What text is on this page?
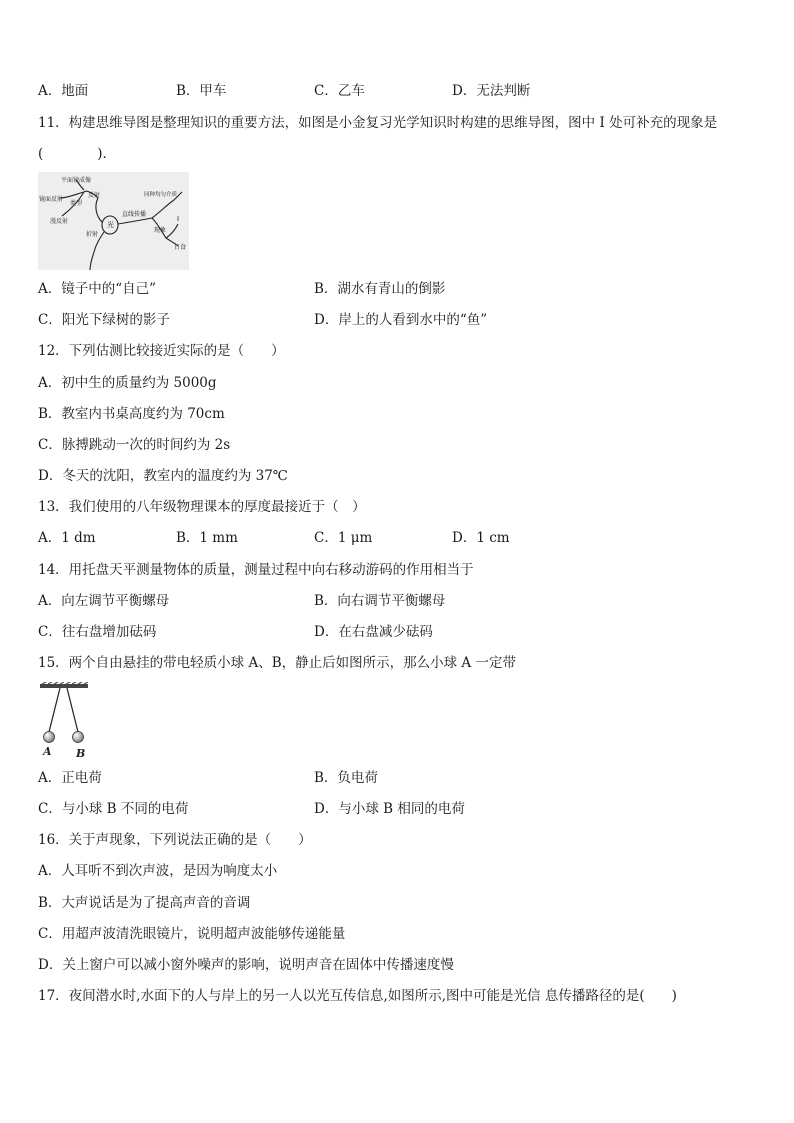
A．地面	B．甲车	C．乙车	D．无法判断
11．构建思维导图是整理知识的重要方法，如图是小金复习光学知识时构建的思维导图，图中 I 处可补充的现象是
(　　　　)．
平面镜成像
镜面反射
类型
反射
漫反射	光
折射
直线传播
同种均匀介质
现象
I
日食
A．镜子中的“自己”	B．湖水有青山的倒影
C．阳光下绿树的影子	D．岸上的人看到水中的“鱼”
12．下列估测比较接近实际的是（　　）
A．初中生的质量约为 5000g
B．教室内书桌高度约为 70cm
C．脉搏跳动一次的时间约为 2s
D．冬天的沈阳，教室内的温度约为 37℃
13．我们使用的八年级物理课本的厚度最接近于（　）
A．1 dm	B．1 mm	C．1 μm	D．1 cm
14．用托盘天平测量物体的质量，测量过程中向右移动游码的作用相当于
A．向左调节平衡螺母	B．向右调节平衡螺母
C．往右盘增加砝码	D．在右盘减少砝码
15．两个自由悬挂的带电轻质小球 A、B，静止后如图所示，那么小球 A 一定带
A B
A．正电荷	B．负电荷
C．与小球 B 不同的电荷	D．与小球 B 相同的电荷
16．关于声现象，下列说法正确的是（　　）
A．人耳听不到次声波，是因为响度太小
B．大声说话是为了提高声音的音调
C．用超声波清洗眼镜片，说明超声波能够传递能量
D．关上窗户可以减小窗外噪声的影响，说明声音在固体中传播速度慢
17．夜间潜水时,水面下的人与岸上的另一人以光互传信息,如图所示,图中可能是光信 息传播路径的是(　　)
